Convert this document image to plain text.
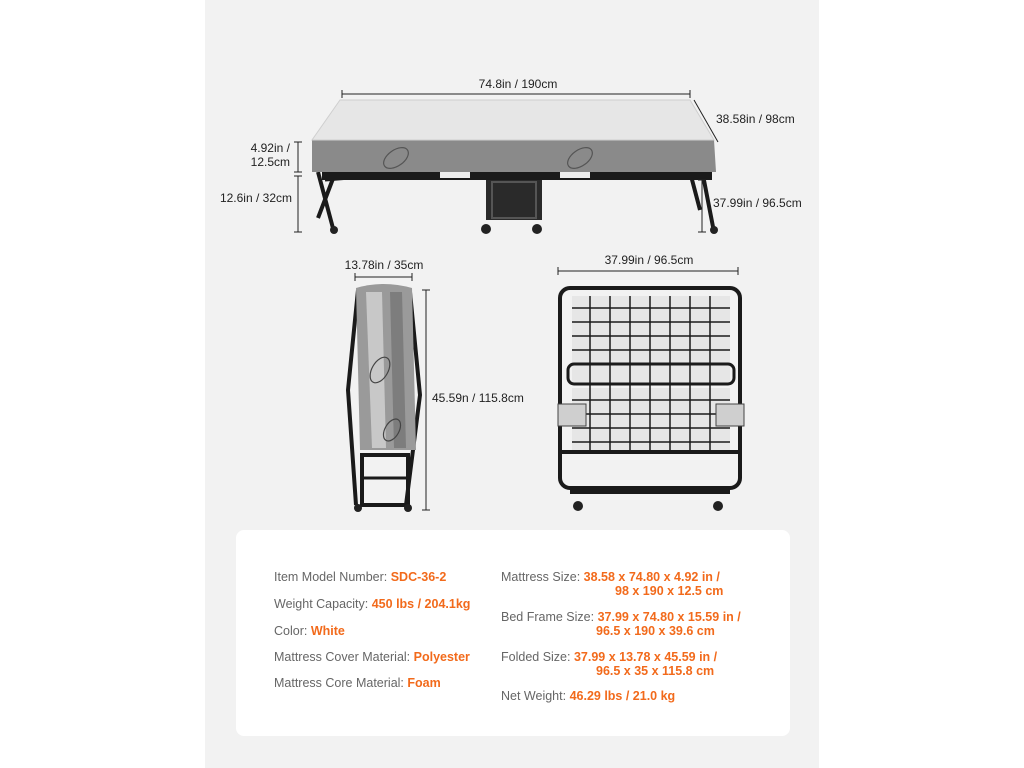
74.8in / 190cm
38.58in / 98cm
4.92in /
12.5cm
12.6in / 32cm	37.99in / 96.5cm
13.78in / 35cm	37.99in / 96.5cm
45.59n / 115.8cm
Item Model Number: SDC-36-2
Weight Capacity: 450 lbs / 204.1kg
Color: White
Mattress Cover Material: Polyester
Mattress Core Material: Foam
Mattress Size: 38.58 x 74.80 x 4.92 in /
98 x 190 x 12.5 cm
Bed Frame Size: 37.99 x 74.80 x 15.59 in /
96.5 x 190 x 39.6 cm
Folded Size: 37.99 x 13.78 x 45.59 in /
96.5 x 35 x 115.8 cm
Net Weight: 46.29 lbs / 21.0 kg
